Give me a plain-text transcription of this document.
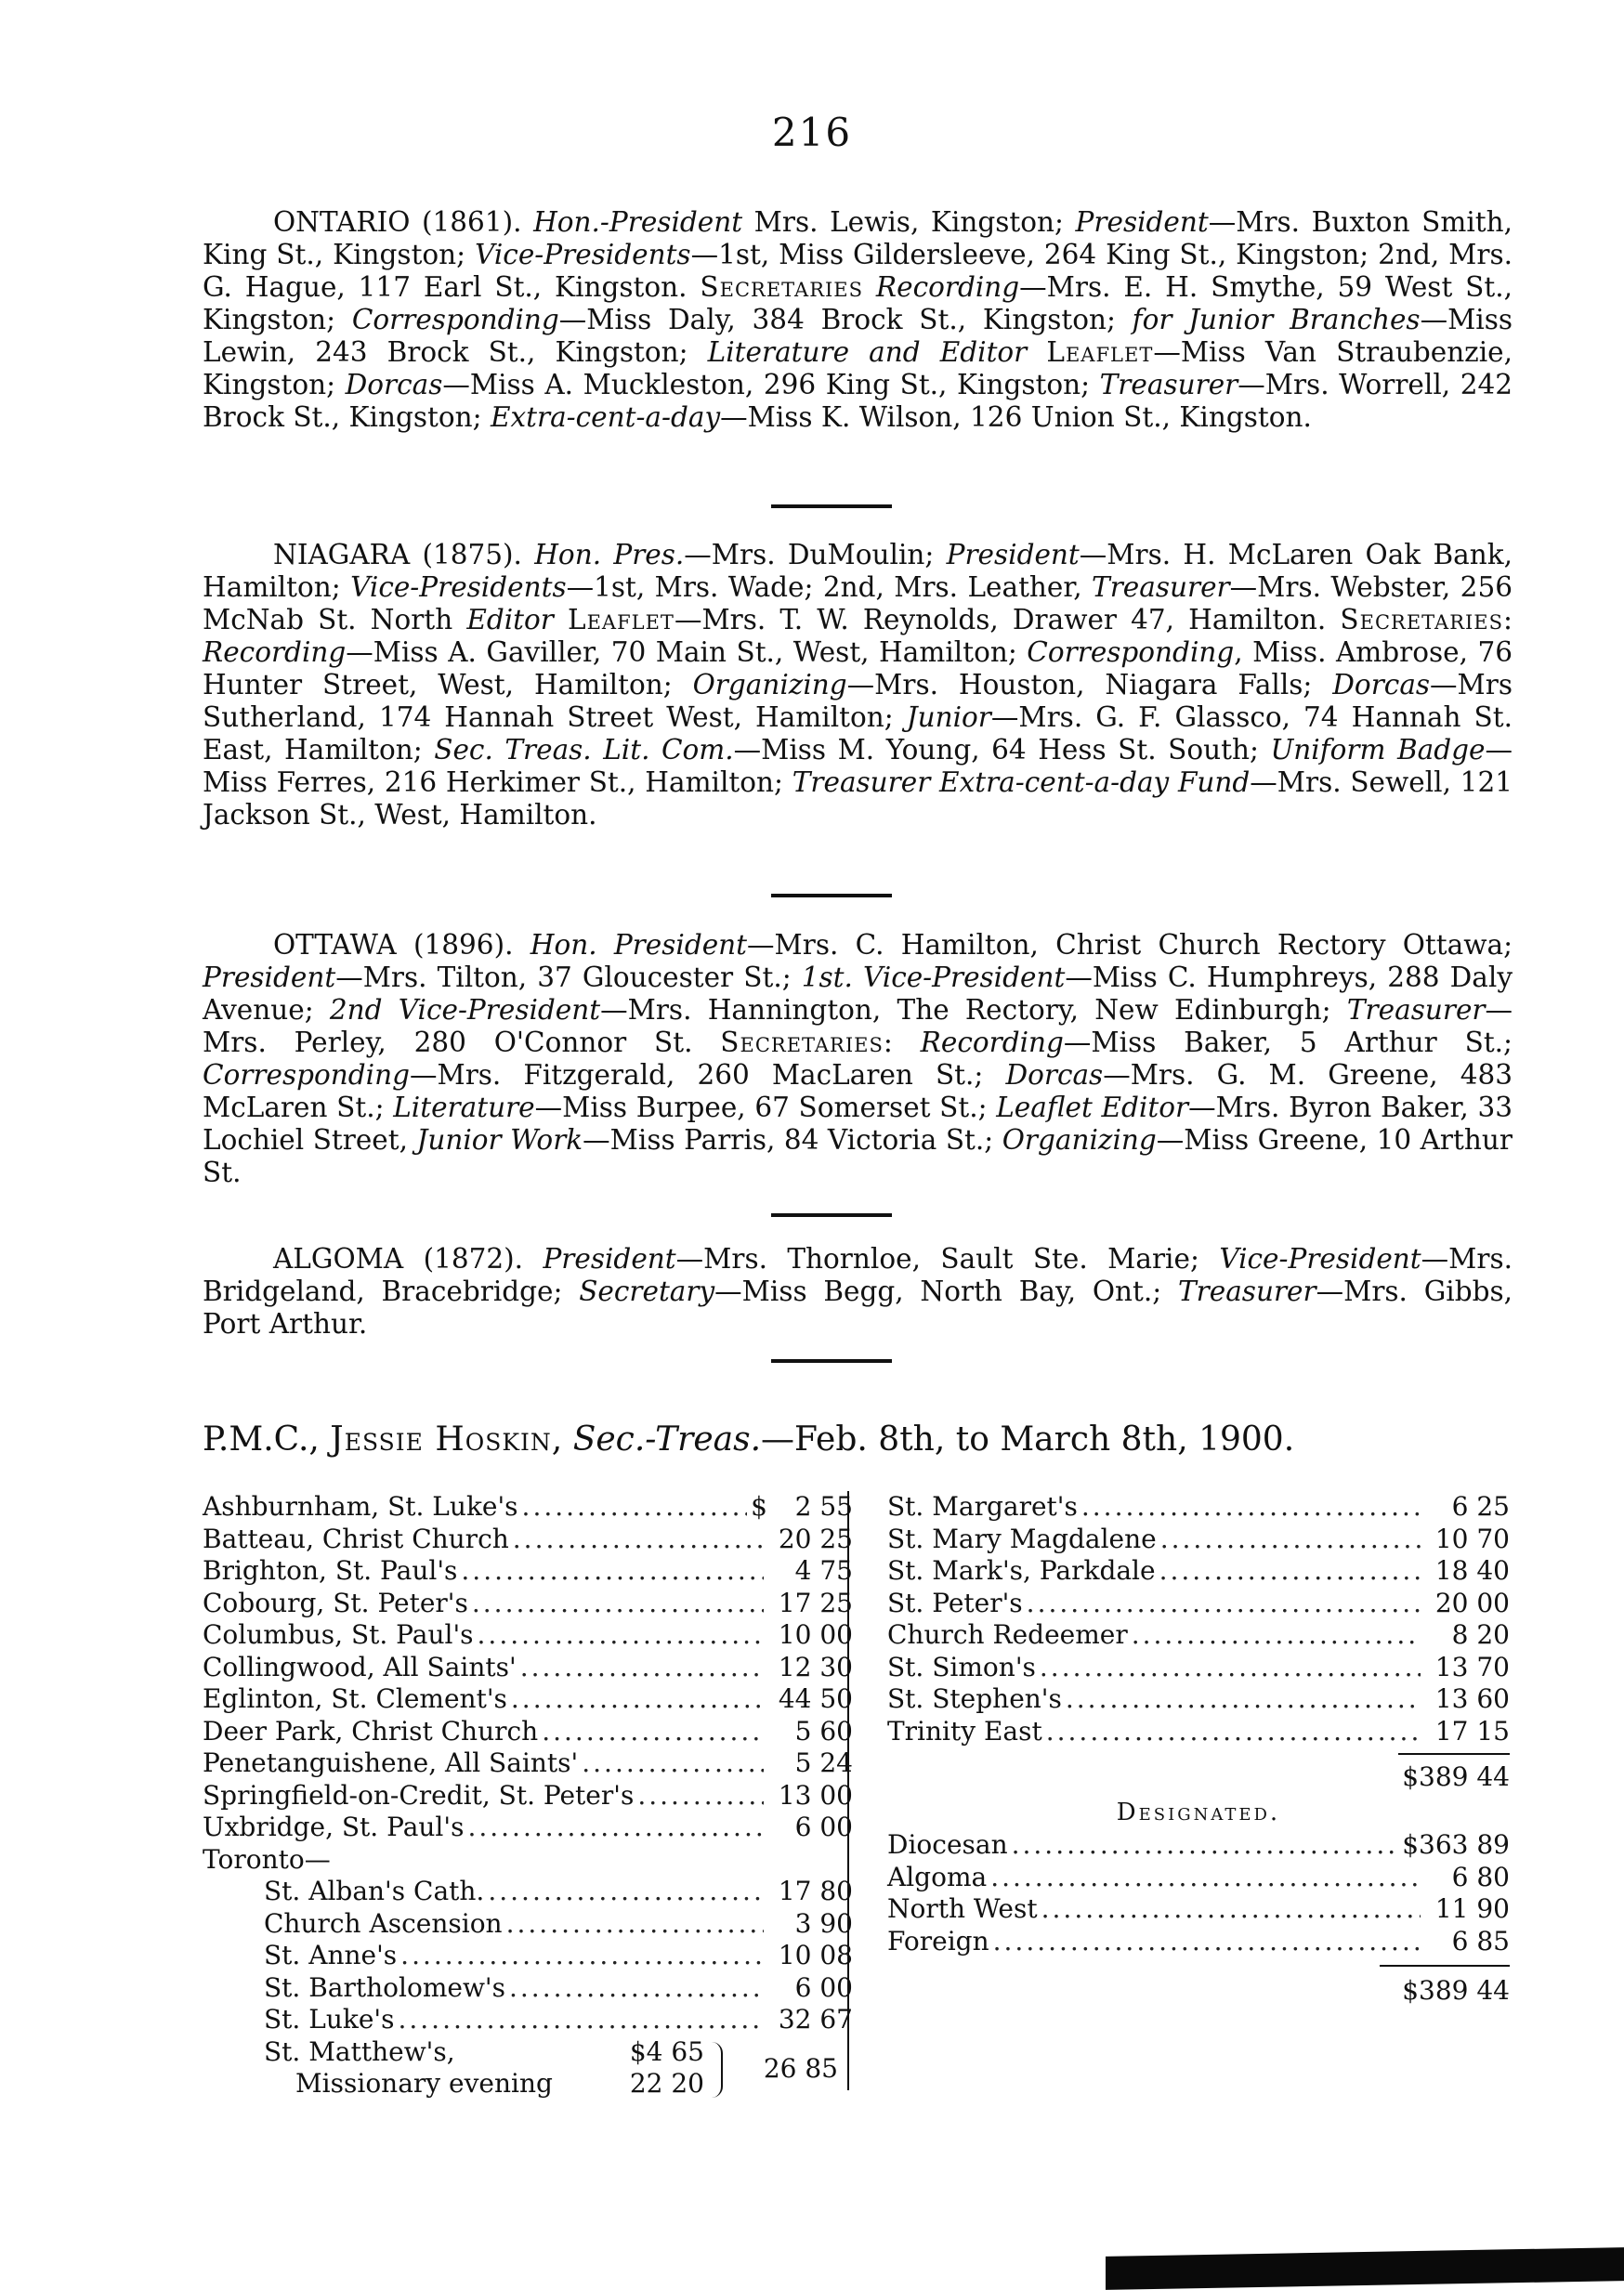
216

ONTARIO (1861). Hon.-President Mrs. Lewis, Kingston; President—Mrs. Buxton Smith, King St., Kingston; Vice-Presidents—1st, Miss Gildersleeve, 264 King St., Kingston; 2nd, Mrs. G. Hague, 117 Earl St., Kingston. Secretaries Recording—Mrs. E. H. Smythe, 59 West St., Kingston; Corresponding—Miss Daly, 384 Brock St., Kingston; for Junior Branches—Miss Lewin, 243 Brock St., Kingston; Literature and Editor Leaflet—Miss Van Straubenzie, Kingston; Dorcas—Miss A. Muckleston, 296 King St., Kingston; Treasurer—Mrs. Worrell, 242 Brock St., Kingston; Extra-cent-a-day—Miss K. Wilson, 126 Union St., Kingston.

NIAGARA (1875). Hon. Pres.—Mrs. DuMoulin; President—Mrs. H. McLaren Oak Bank, Hamilton; Vice-Presidents—1st, Mrs. Wade; 2nd, Mrs. Leather, Treasurer—Mrs. Webster, 256 McNab St. North Editor Leaflet—Mrs. T. W. Reynolds, Drawer 47, Hamilton. Secretaries: Recording—Miss A. Gaviller, 70 Main St., West, Hamilton; Corresponding, Miss. Ambrose, 76 Hunter Street, West, Hamilton; Organizing—Mrs. Houston, Niagara Falls; Dorcas—Mrs Sutherland, 174 Hannah Street West, Hamilton; Junior—Mrs. G. F. Glassco, 74 Hannah St. East, Hamilton; Sec. Treas. Lit. Com.—Miss M. Young, 64 Hess St. South; Uniform Badge—Miss Ferres, 216 Herkimer St., Hamilton; Treasurer Extra-cent-a-day Fund—Mrs. Sewell, 121 Jackson St., West, Hamilton.

OTTAWA (1896). Hon. President—Mrs. C. Hamilton, Christ Church Rectory Ottawa; President—Mrs. Tilton, 37 Gloucester St.; 1st. Vice-President—Miss C. Humphreys, 288 Daly Avenue; 2nd Vice-President—Mrs. Hannington, The Rectory, New Edinburgh; Treasurer—Mrs. Perley, 280 O'Connor St. Secretaries: Recording—Miss Baker, 5 Arthur St.; Corresponding—Mrs. Fitzgerald, 260 MacLaren St.; Dorcas—Mrs. G. M. Greene, 483 McLaren St.; Literature—Miss Burpee, 67 Somerset St.; Leaflet Editor—Mrs. Byron Baker, 33 Lochiel Street, Junior Work—Miss Parris, 84 Victoria St.; Organizing—Miss Greene, 10 Arthur St.

ALGOMA (1872). President—Mrs. Thornloe, Sault Ste. Marie; Vice-President—Mrs. Bridgeland, Bracebridge; Secretary—Miss Begg, North Bay, Ont.; Treasurer—Mrs. Gibbs, Port Arthur.

P.M.C., Jessie Hoskin, Sec.-Treas.—Feb. 8th, to March 8th, 1900.
Ashburnham, St. Luke's .....	$	2 55
Batteau, Christ Church .....	20 25
Brighton, St. Paul's .....	4 75
Cobourg, St. Peter's .....	17 25
Columbus, St. Paul's .....	10 00
Collingwood, All Saints' .....	12 30
Eglinton, St. Clement's .....	44 50
Deer Park, Christ Church .....	5 60
Penetanguishene, All Saints' .....	5 24
Springfield-on-Credit, St. Peter's .....	13 00
Uxbridge, St. Paul's .....	6 00
Toronto—
St. Alban's Cath. .....	17 80
Church Ascension .....	3 90
St. Anne's .....	10 08
St. Bartholomew's .....	6 00
St. Luke's .....	32 67
St. Matthew's,	$4 65
Missionary evening	22 20	26 85
St. Margaret's .....	6 25
St. Mary Magdalene .....	10 70
St. Mark's, Parkdale .....	18 40
St. Peter's .....	20 00
Church Redeemer .....	8 20
St. Simon's .....	13 70
St. Stephen's .....	13 60
Trinity East .....	17 15
$389 44
Designated.
Diocesan .....	$363 89
Algoma .....	6 80
North West .....	11 90
Foreign .....	6 85
$389 44
